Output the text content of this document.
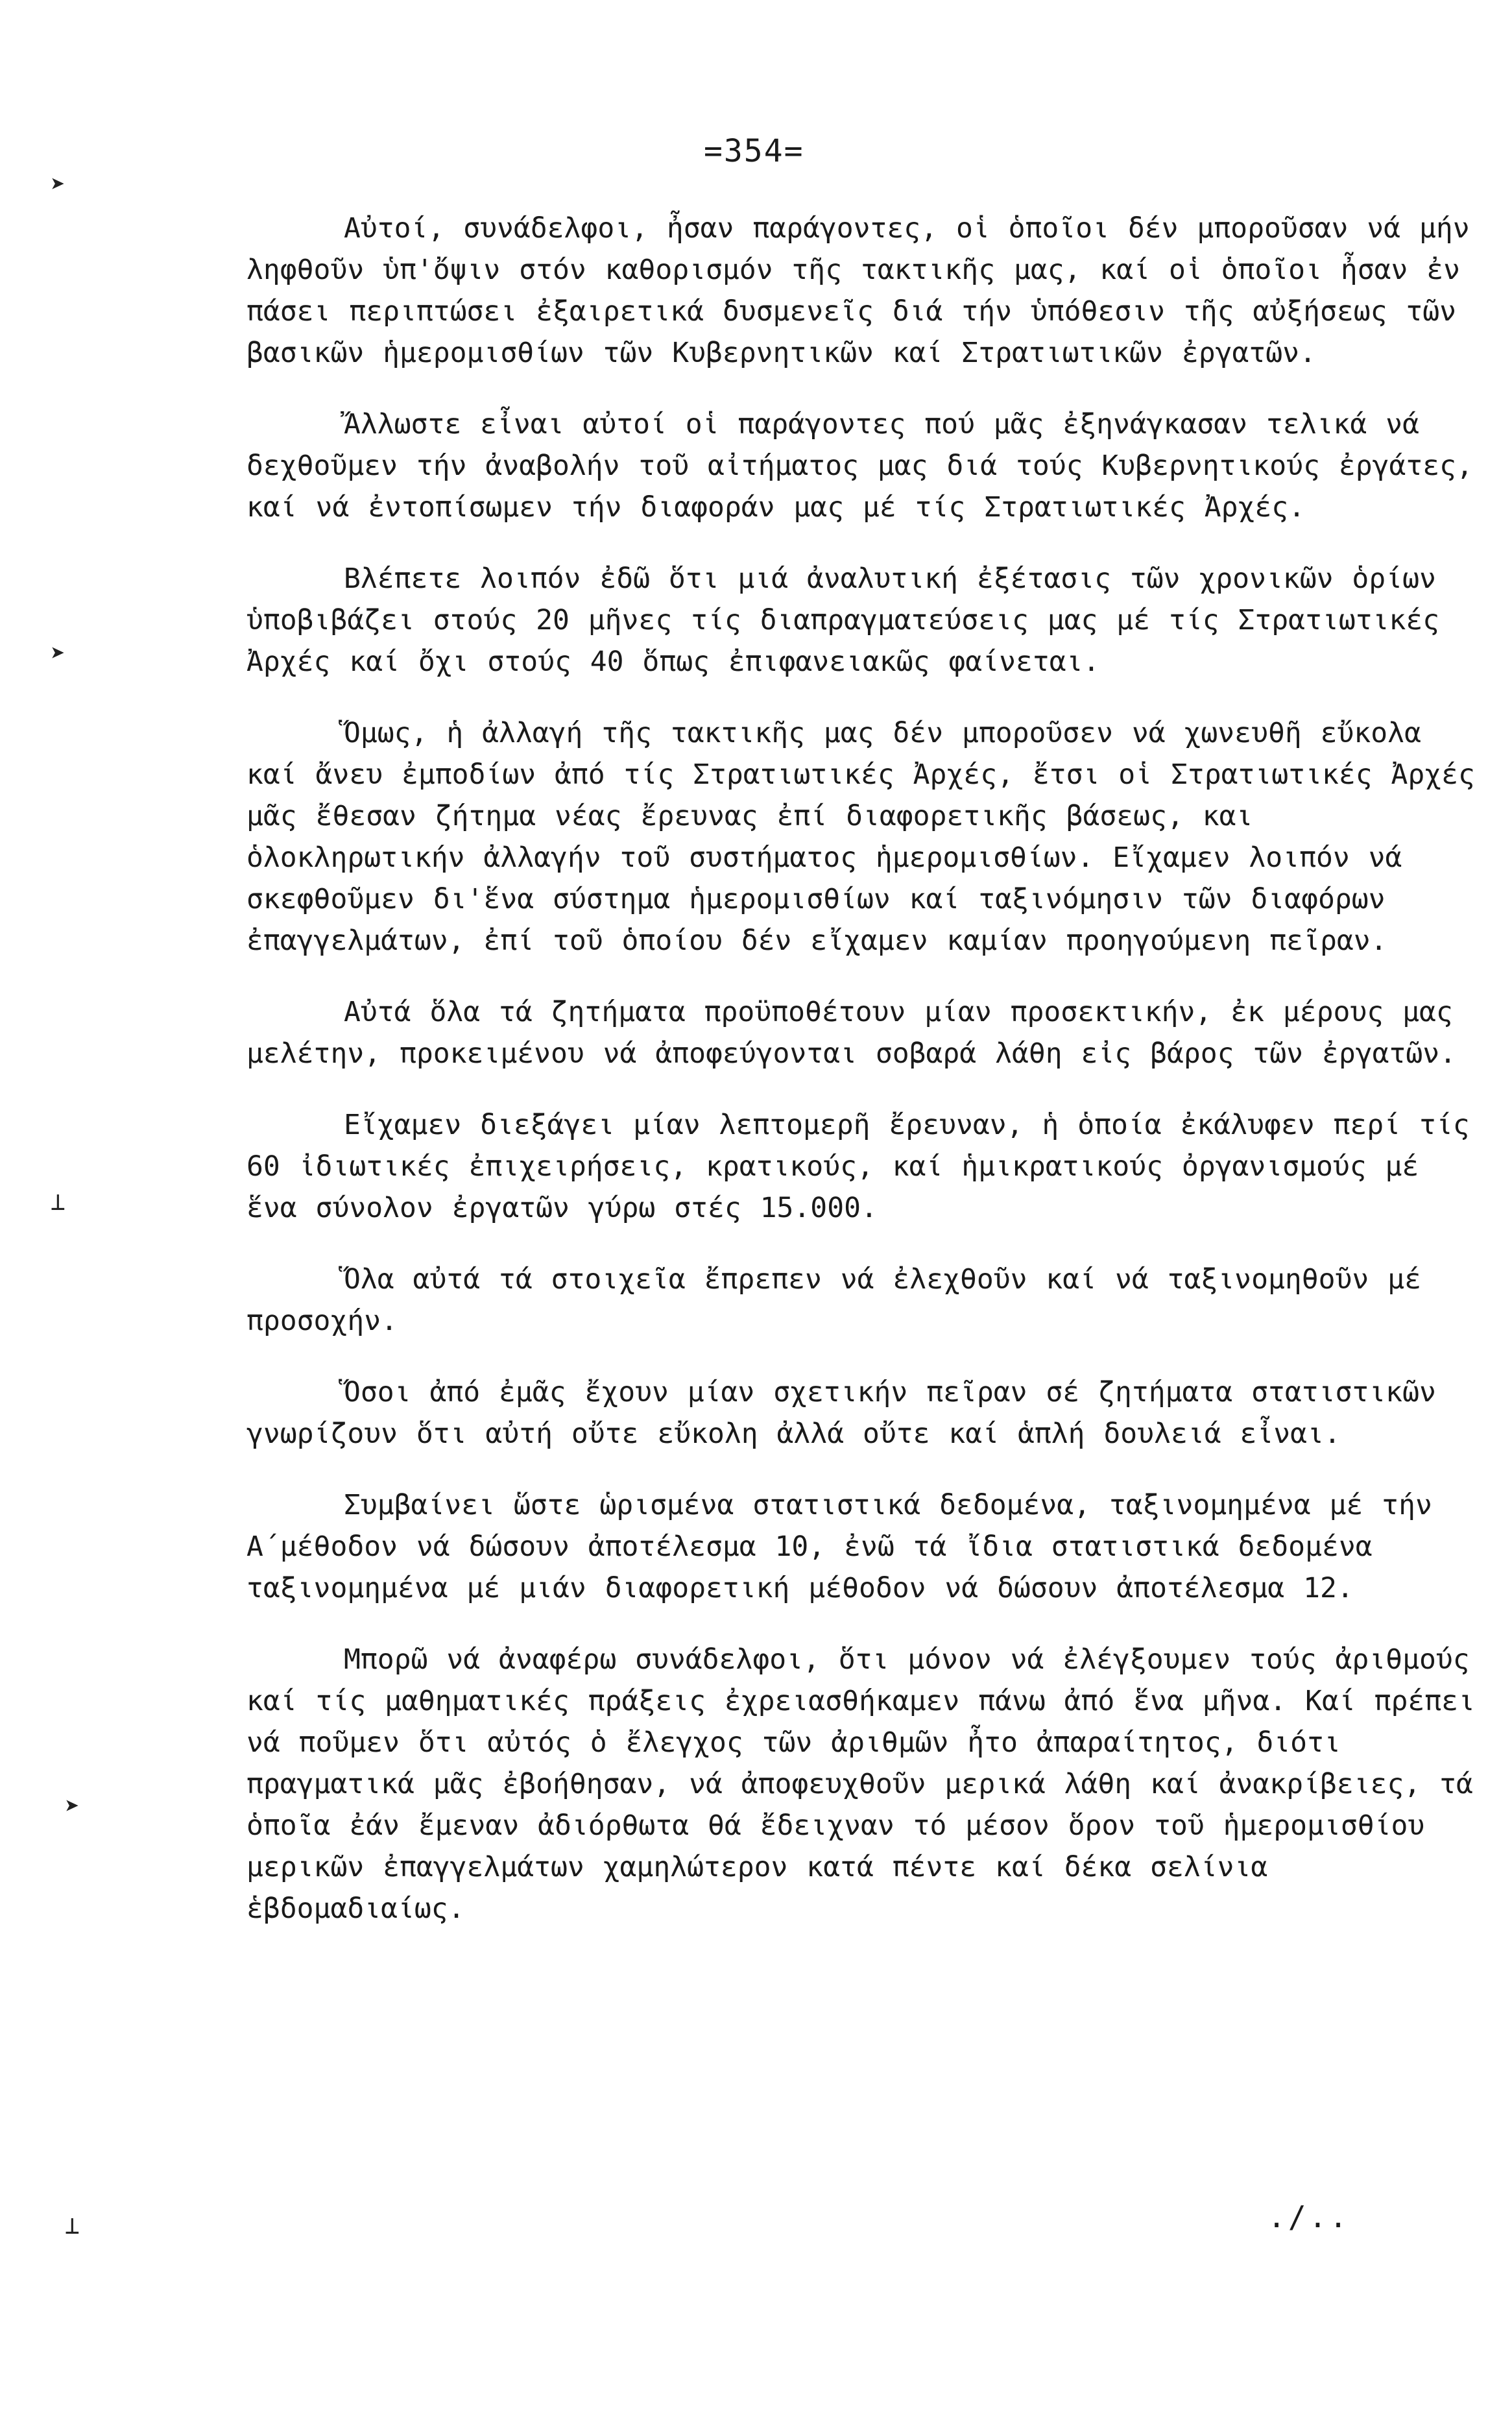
=354=
➤
➤
⊥
➤
⊥

Αὐτοί, συνάδελφοι, ἦσαν παράγοντες, οἱ ὁποῖοι δέν μποροῦσαν νά μήν ληφθοῦν ὑπ'ὄψιν στόν καθορισμόν τῆς τακτικῆς μας, καί οἱ ὁποῖοι ἦσαν ἐν πάσει περιπτώσει ἐξαιρετικά δυσμενεῖς διά τήν ὑπόθεσιν τῆς αὐξήσεως τῶν βασικῶν ἡμερομισθίων τῶν Κυβερνητικῶν καί Στρατιωτικῶν ἐργατῶν.

Ἄλλωστε εἶναι αὐτοί οἱ παράγοντες πού μᾶς ἐξηνάγκασαν τελικά νά δεχθοῦμεν τήν ἀναβολήν τοῦ αἰτήματος μας διά τούς Κυβερνητικούς ἐργάτες, καί νά ἐντοπίσωμεν τήν διαφοράν μας μέ τίς Στρατιωτικές Ἀρχές.

Βλέπετε λοιπόν ἐδῶ ὅτι μιά ἀναλυτική ἐξέτασις τῶν χρονικῶν ὁρίων ὑποβιβάζει στούς 20 μῆνες τίς διαπραγματεύσεις μας μέ τίς Στρατιωτικές Ἀρχές καί ὄχι στούς 40 ὅπως ἐπιφανειακῶς φαίνεται.

Ὅμως, ἡ ἀλλαγή τῆς τακτικῆς μας δέν μποροῦσεν νά χωνευθῆ εὔκολα καί ἄνευ ἐμποδίων ἀπό τίς Στρατιωτικές Ἀρχές, ἔτσι οἱ Στρατιωτικές Ἀρχές μᾶς ἔθεσαν ζήτημα νέας ἔρευνας ἐπί διαφορετικῆς βάσεως, και ὁλοκληρωτικήν ἀλλαγήν τοῦ συστήματος ἡμερομισθίων. Εἴχαμεν λοιπόν νά σκεφθοῦμεν δι'ἕνα σύστημα ἡμερομισθίων καί ταξινόμησιν τῶν διαφόρων ἐπαγγελμάτων, ἐπί τοῦ ὁποίου δέν εἴχαμεν καμίαν προηγούμενη πεῖραν.

Αὐτά ὅλα τά ζητήματα προϋποθέτουν μίαν προσεκτικήν, ἐκ μέρους μας μελέτην, προκειμένου νά ἀποφεύγονται σοβαρά λάθη εἰς βάρος τῶν ἐργατῶν.

Εἴχαμεν διεξάγει μίαν λεπτομερῆ ἔρευναν, ἡ ὁποία ἐκάλυφεν περί τίς 60 ἰδιωτικές ἐπιχειρήσεις, κρατικούς, καί ἡμικρατικούς ὀργανισμούς μέ ἕνα σύνολον ἐργατῶν γύρω στές 15.000.

Ὅλα αὐτά τά στοιχεῖα ἔπρεπεν νά ἐλεχθοῦν καί νά ταξινομηθοῦν μέ προσοχήν.

Ὅσοι ἀπό ἐμᾶς ἔχουν μίαν σχετικήν πεῖραν σέ ζητήματα στατιστικῶν γνωρίζουν ὅτι αὐτή οὔτε εὔκολη ἀλλά οὔτε καί ἁπλή δουλειά εἶναι.

Συμβαίνει ὥστε ὡρισμένα στατιστικά δεδομένα, ταξινομημένα μέ τήν Α΄μέθοδον νά δώσουν ἀποτέλεσμα 10, ἐνῶ τά ἴδια στατιστικά δεδομένα ταξινομημένα μέ μιάν διαφορετική μέθοδον νά δώσουν ἀποτέλεσμα 12.

Μπορῶ νά ἀναφέρω συνάδελφοι, ὅτι μόνον νά ἐλέγξουμεν τούς ἀριθμούς καί τίς μαθηματικές πράξεις ἐχρειασθήκαμεν πάνω ἀπό ἕνα μῆνα. Καί πρέπει νά ποῦμεν ὅτι αὐτός ὁ ἔλεγχος τῶν ἀριθμῶν ἦτο ἀπαραίτητος, διότι πραγματικά μᾶς ἐβοήθησαν, νά ἀποφευχθοῦν μερικά λάθη καί ἀνακρίβειες, τά ὁποῖα ἐάν ἔμεναν ἀδιόρθωτα θά ἔδειχναν τό μέσον ὅρον τοῦ ἡμερομισθίου μερικῶν ἐπαγγελμάτων χαμηλώτερον κατά πέντε καί δέκα σελίνια ἑβδομαδιαίως.

./..
